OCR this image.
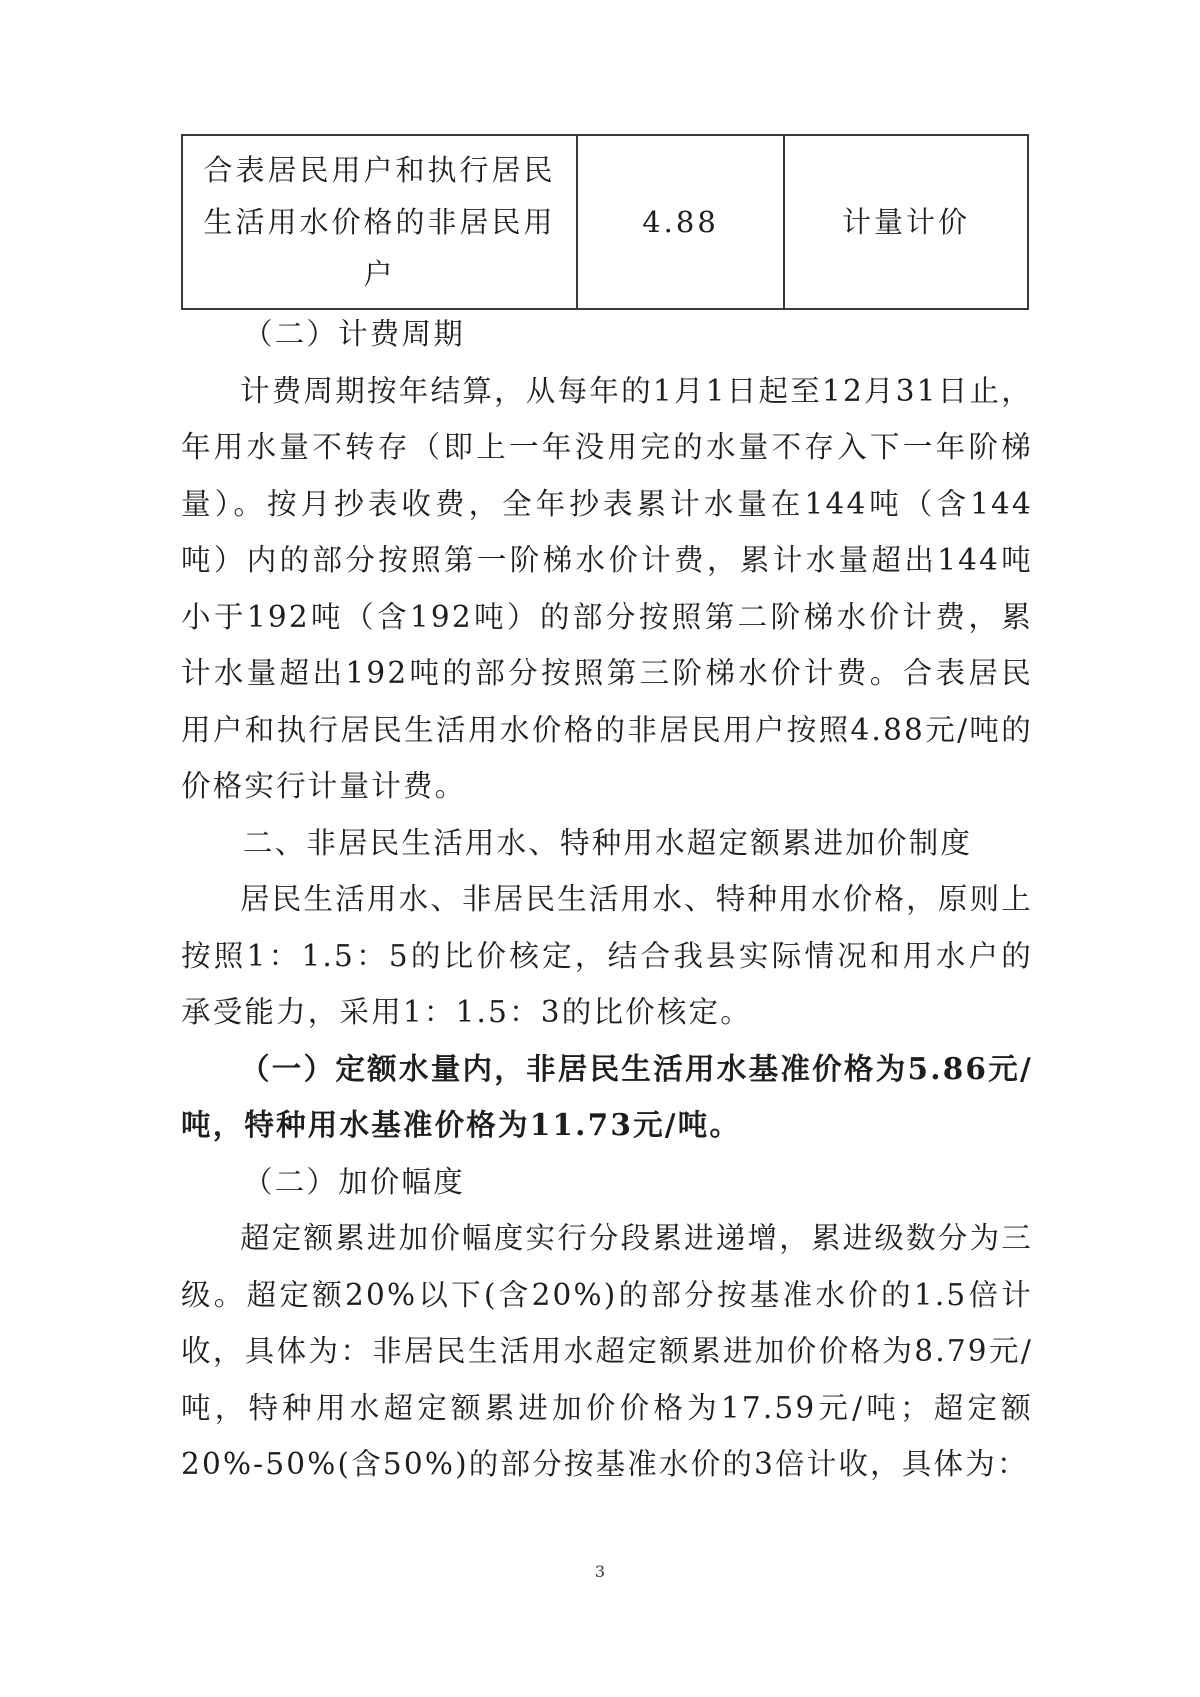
合表居民用户和执行居民生活用水价格的非居民用户	4.88	计量计价

（二）计费周期

计费周期按年结算，从每年的1月1日起至12月31日止，年用水量不转存（即上一年没用完的水量不存入下一年阶梯量）。按月抄表收费，全年抄表累计水量在144吨（含144吨）内的部分按照第一阶梯水价计费，累计水量超出144吨小于192吨（含192吨）的部分按照第二阶梯水价计费，累计水量超出192吨的部分按照第三阶梯水价计费。合表居民用户和执行居民生活用水价格的非居民用户按照4.88元/吨的价格实行计量计费。

二、非居民生活用水、特种用水超定额累进加价制度

居民生活用水、非居民生活用水、特种用水价格，原则上按照1：1.5：5的比价核定，结合我县实际情况和用水户的承受能力，采用1：1.5：3的比价核定。

（一）定额水量内，非居民生活用水基准价格为5.86元/吨，特种用水基准价格为11.73元/吨。

（二）加价幅度

超定额累进加价幅度实行分段累进递增，累进级数分为三级。超定额20%以下(含20%)的部分按基准水价的1.5倍计收，具体为：非居民生活用水超定额累进加价价格为8.79元/吨，特种用水超定额累进加价价格为17.59元/吨；超定额20%-50%(含50%)的部分按基准水价的3倍计收，具体为：

3
